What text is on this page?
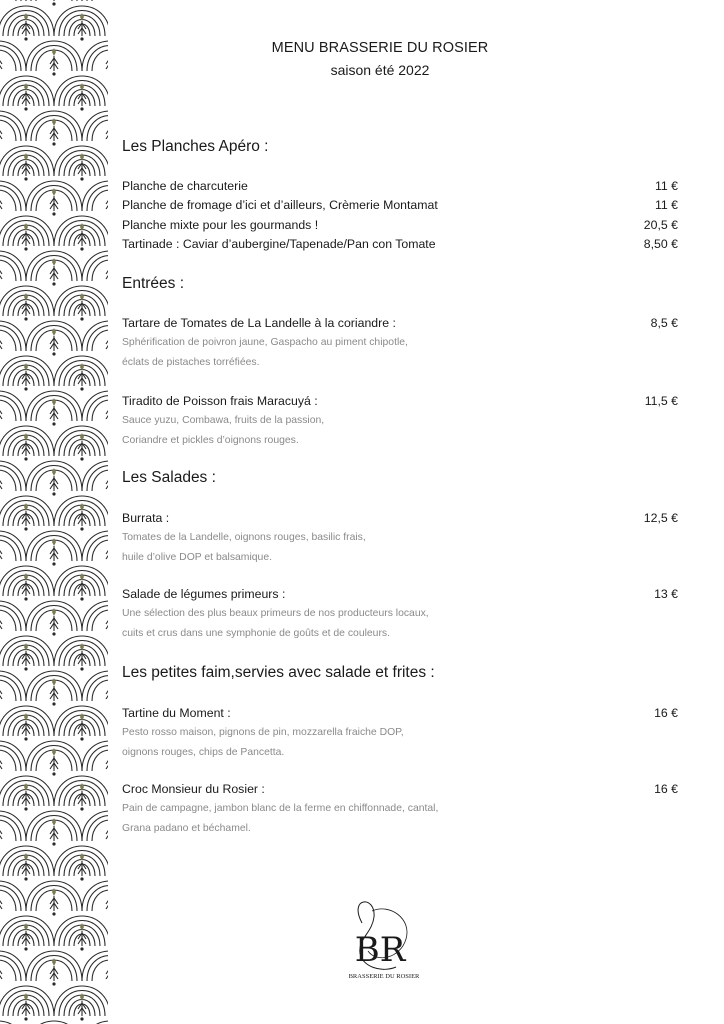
MENU BRASSERIE DU ROSIER
saison été 2022
Les Planches Apéro :
Planche de charcuterie	11 €
Planche de fromage d’ici et d’ailleurs, Crèmerie Montamat	11 €
Planche mixte pour les gourmands !	20,5 €
Tartinade : Caviar d’aubergine/Tapenade/Pan con Tomate	8,50 €
Entrées :
Tartare de Tomates de La Landelle à la coriandre :	8,5 €
Sphérification de poivron jaune, Gaspacho au piment chipotle,
éclats de pistaches torréfiées.
Tiradito de Poisson frais Maracuyá :	11,5 €
Sauce yuzu, Combawa, fruits de la passion,
Coriandre et pickles d’oignons rouges.
Les Salades :
Burrata :	12,5 €
Tomates de la Landelle, oignons rouges, basilic frais,
huile d’olive DOP et balsamique.
Salade de légumes primeurs :	13 €
Une sélection des plus beaux primeurs de nos producteurs locaux,
cuits et crus dans une symphonie de goûts et de couleurs.
Les petites faim,servies avec salade et frites :
Tartine du Moment :	16 €
Pesto rosso maison, pignons de pin, mozzarella fraiche DOP,
oignons rouges, chips de Pancetta.
Croc Monsieur du Rosier :	16 €
Pain de campagne, jambon blanc de la ferme en chiffonnade, cantal,
Grana padano et béchamel.
BR
BRASSERIE DU ROSIER
